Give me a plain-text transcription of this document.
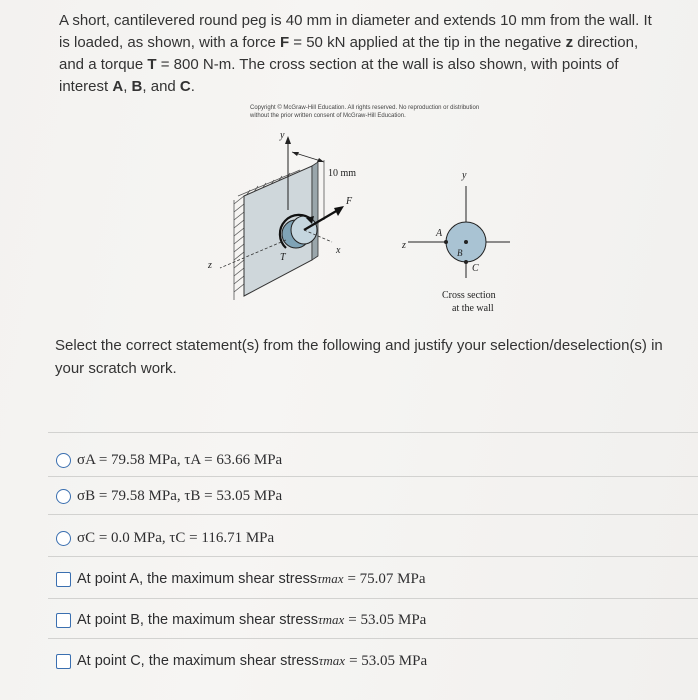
A short, cantilevered round peg is 40 mm in diameter and extends 10 mm from the wall. It is loaded, as shown, with a force F = 50 kN applied at the tip in the negative z direction, and a torque T = 800 N-m. The cross section at the wall is also shown, with points of interest A, B, and C.
Copyright © McGraw-Hill Education. All rights reserved. No reproduction or distribution without the prior written consent of McGraw-Hill Education.
y
10 mm
F
x
T
z
y
z
A
B
C
Cross section
at the wall
Select the correct statement(s) from the following and justify your selection/deselection(s) in your scratch work.
σA = 79.58 MPa, τA = 63.66 MPa
σB = 79.58 MPa, τB = 53.05 MPa
σC = 0.0 MPa, τC = 116.71 MPa
At point A, the maximum shear stress τmax = 75.07 MPa
At point B, the maximum shear stress τmax = 53.05 MPa
At point C, the maximum shear stress τmax = 53.05 MPa
